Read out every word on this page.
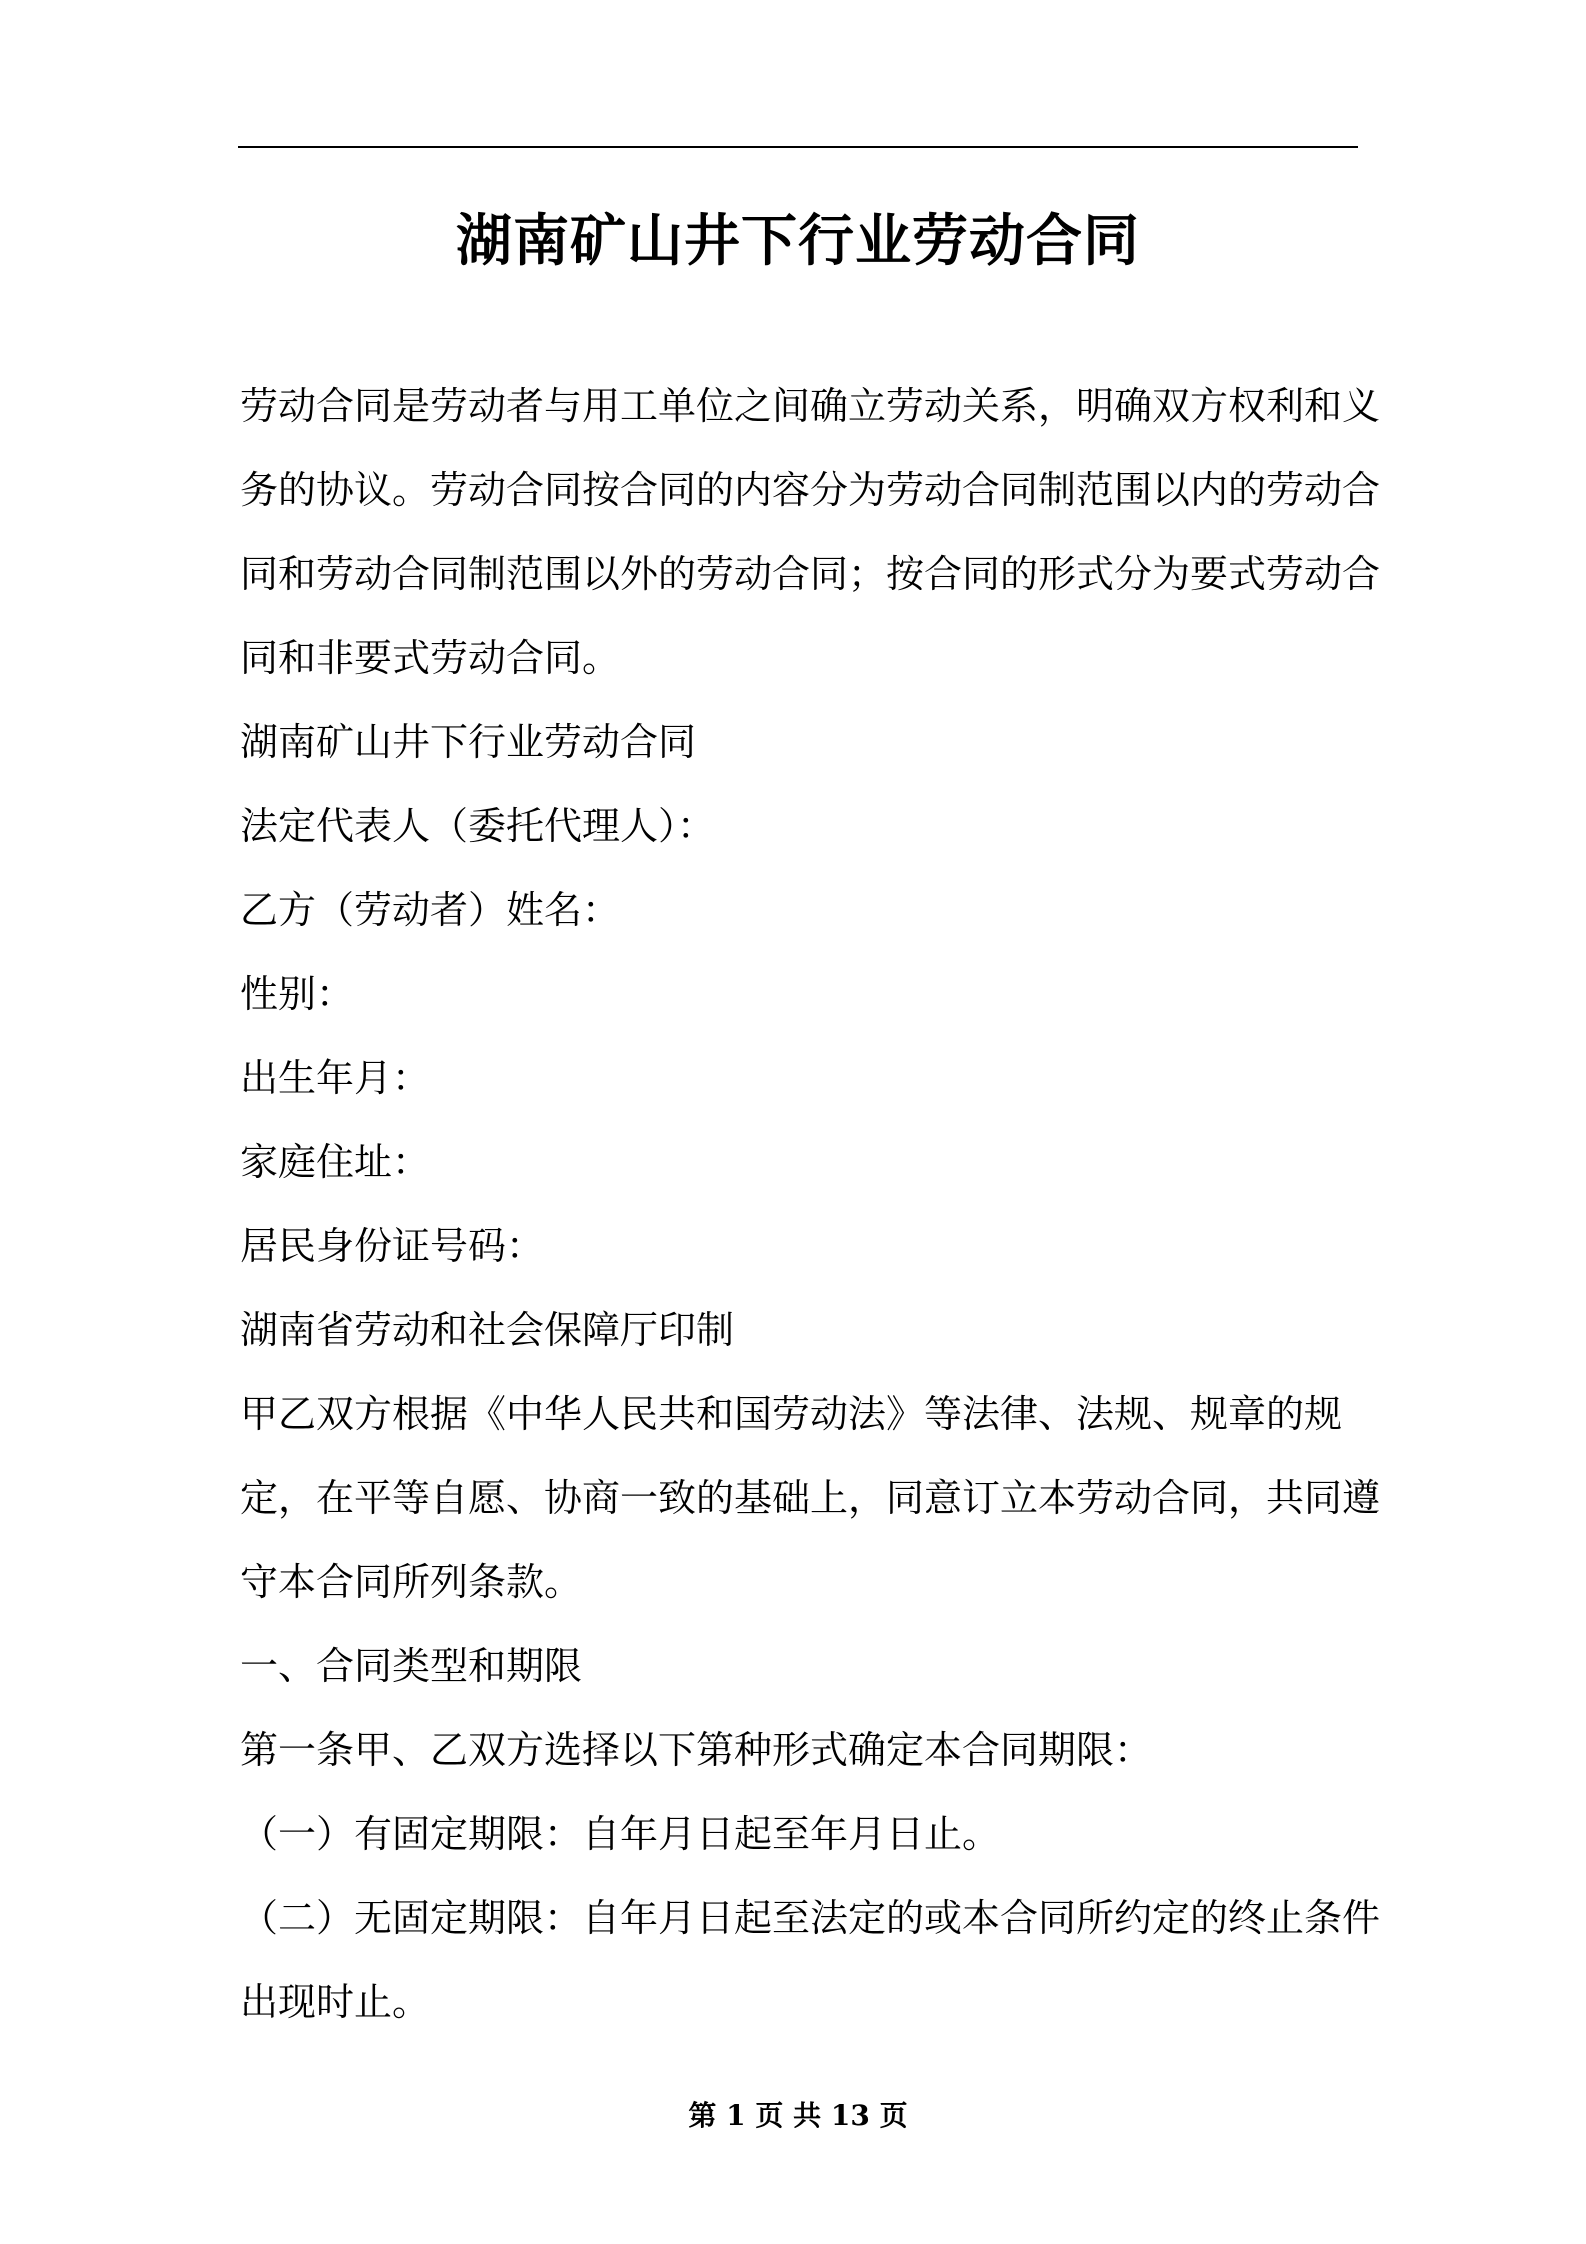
湖南矿山井下行业劳动合同

劳动合同是劳动者与用工单位之间确立劳动关系，明确双方权利和义务的协议。劳动合同按合同的内容分为劳动合同制范围以内的劳动合同和劳动合同制范围以外的劳动合同；按合同的形式分为要式劳动合同和非要式劳动合同。

湖南矿山井下行业劳动合同

法定代表人（委托代理人）：

乙方（劳动者）姓名：

性别：

出生年月：

家庭住址：

居民身份证号码：

湖南省劳动和社会保障厅印制

甲乙双方根据《中华人民共和国劳动法》等法律、法规、规章的规定，在平等自愿、协商一致的基础上，同意订立本劳动合同，共同遵守本合同所列条款。

一、合同类型和期限

第一条甲、乙双方选择以下第种形式确定本合同期限：

（一）有固定期限：自年月日起至年月日止。

（二）无固定期限：自年月日起至法定的或本合同所约定的终止条件出现时止。

第 1 页 共 13 页
